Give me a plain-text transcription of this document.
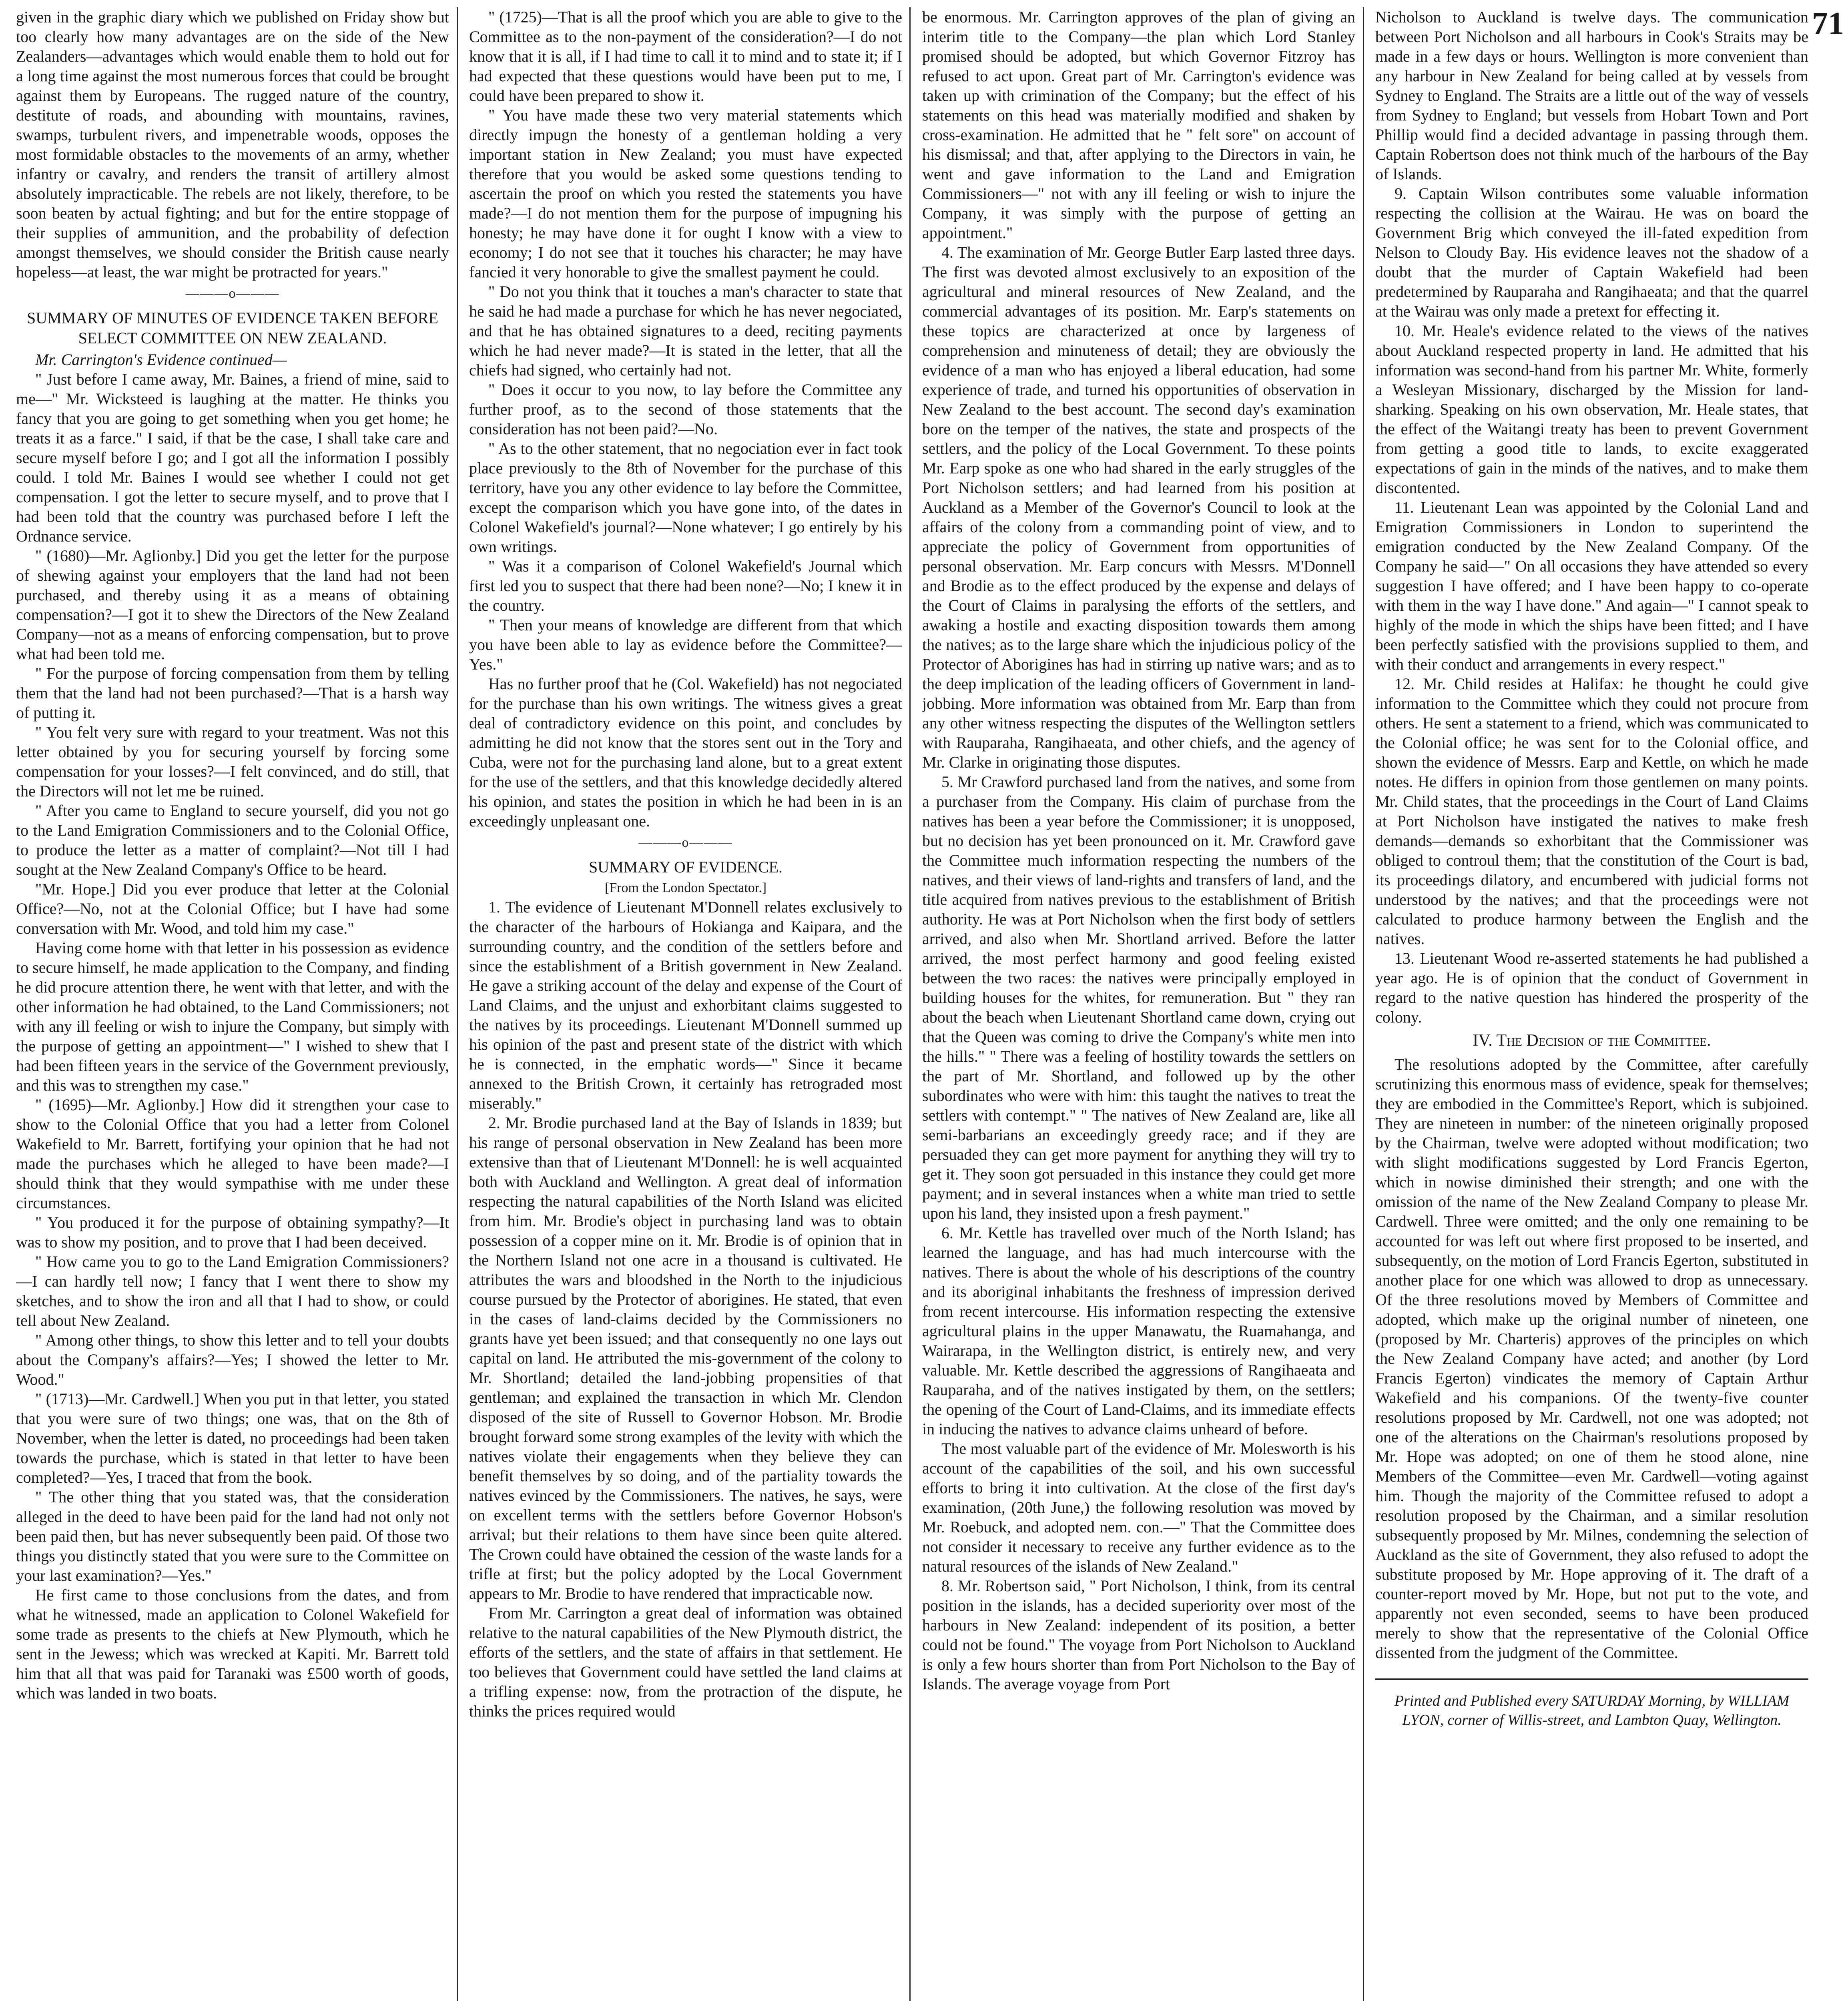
71

given in the graphic diary which we published on Friday show but too clearly how many advantages are on the side of the New Zealanders—advantages which would enable them to hold out for a long time against the most numerous forces that could be brought against them by Europeans. The rugged nature of the country, destitute of roads, and abounding with mountains, ravines, swamps, turbulent rivers, and impenetrable woods, opposes the most formidable obstacles to the movements of an army, whether infantry or cavalry, and renders the transit of artillery almost absolutely impracticable. The rebels are not likely, therefore, to be soon beaten by actual fighting; and but for the entire stoppage of their supplies of ammunition, and the probability of defection amongst themselves, we should consider the British cause nearly hopeless—at least, the war might be protracted for years."

———o———
SUMMARY OF MINUTES OF EVIDENCE TAKEN BEFORE SELECT COMMITTEE ON NEW ZEALAND.

Mr. Carrington's Evidence continued—

" Just before I came away, Mr. Baines, a friend of mine, said to me—" Mr. Wicksteed is laughing at the matter. He thinks you fancy that you are going to get something when you get home; he treats it as a farce." I said, if that be the case, I shall take care and secure myself before I go; and I got all the information I possibly could. I told Mr. Baines I would see whether I could not get compensation. I got the letter to secure myself, and to prove that I had been told that the country was purchased before I left the Ordnance service.

" (1680)—Mr. Aglionby.] Did you get the letter for the purpose of shewing against your employers that the land had not been purchased, and thereby using it as a means of obtaining compensation?—I got it to shew the Directors of the New Zealand Company—not as a means of enforcing compensation, but to prove what had been told me.

" For the purpose of forcing compensation from them by telling them that the land had not been purchased?—That is a harsh way of putting it.

" You felt very sure with regard to your treatment. Was not this letter obtained by you for securing yourself by forcing some compensation for your losses?—I felt convinced, and do still, that the Directors will not let me be ruined.

" After you came to England to secure yourself, did you not go to the Land Emigration Commissioners and to the Colonial Office, to produce the letter as a matter of complaint?—Not till I had sought at the New Zealand Company's Office to be heard.

"Mr. Hope.] Did you ever produce that letter at the Colonial Office?—No, not at the Colonial Office; but I have had some conversation with Mr. Wood, and told him my case."

Having come home with that letter in his possession as evidence to secure himself, he made application to the Company, and finding he did procure attention there, he went with that letter, and with the other information he had obtained, to the Land Commissioners; not with any ill feeling or wish to injure the Company, but simply with the purpose of getting an appointment—" I wished to shew that I had been fifteen years in the service of the Government previously, and this was to strengthen my case."

" (1695)—Mr. Aglionby.] How did it strengthen your case to show to the Colonial Office that you had a letter from Colonel Wakefield to Mr. Barrett, fortifying your opinion that he had not made the purchases which he alleged to have been made?—I should think that they would sympathise with me under these circumstances.

" You produced it for the purpose of obtaining sympathy?—It was to show my position, and to prove that I had been deceived.

" How came you to go to the Land Emigration Commissioners?—I can hardly tell now; I fancy that I went there to show my sketches, and to show the iron and all that I had to show, or could tell about New Zealand.

" Among other things, to show this letter and to tell your doubts about the Company's affairs?—Yes; I showed the letter to Mr. Wood."

" (1713)—Mr. Cardwell.] When you put in that letter, you stated that you were sure of two things; one was, that on the 8th of November, when the letter is dated, no proceedings had been taken towards the purchase, which is stated in that letter to have been completed?—Yes, I traced that from the book.

" The other thing that you stated was, that the consideration alleged in the deed to have been paid for the land had not only not been paid then, but has never subsequently been paid. Of those two things you distinctly stated that you were sure to the Committee on your last examination?—Yes."

He first came to those conclusions from the dates, and from what he witnessed, made an application to Colonel Wakefield for some trade as presents to the chiefs at New Plymouth, which he sent in the Jewess; which was wrecked at Kapiti. Mr. Barrett told him that all that was paid for Taranaki was £500 worth of goods, which was landed in two boats.

" (1725)—That is all the proof which you are able to give to the Committee as to the non-payment of the consideration?—I do not know that it is all, if I had time to call it to mind and to state it; if I had expected that these questions would have been put to me, I could have been prepared to show it.

" You have made these two very material statements which directly impugn the honesty of a gentleman holding a very important station in New Zealand; you must have expected therefore that you would be asked some questions tending to ascertain the proof on which you rested the statements you have made?—I do not mention them for the purpose of impugning his honesty; he may have done it for ought I know with a view to economy; I do not see that it touches his character; he may have fancied it very honorable to give the smallest payment he could.

" Do not you think that it touches a man's character to state that he said he had made a purchase for which he has never negociated, and that he has obtained signatures to a deed, reciting payments which he had never made?—It is stated in the letter, that all the chiefs had signed, who certainly had not.

" Does it occur to you now, to lay before the Committee any further proof, as to the second of those statements that the consideration has not been paid?—No.

" As to the other statement, that no negociation ever in fact took place previously to the 8th of November for the purchase of this territory, have you any other evidence to lay before the Committee, except the comparison which you have gone into, of the dates in Colonel Wakefield's journal?—None whatever; I go entirely by his own writings.

" Was it a comparison of Colonel Wakefield's Journal which first led you to suspect that there had been none?—No; I knew it in the country.

" Then your means of knowledge are different from that which you have been able to lay as evidence before the Committee?—Yes."

Has no further proof that he (Col. Wakefield) has not negociated for the purchase than his own writings. The witness gives a great deal of contradictory evidence on this point, and concludes by admitting he did not know that the stores sent out in the Tory and Cuba, were not for the purchasing land alone, but to a great extent for the use of the settlers, and that this knowledge decidedly altered his opinion, and states the position in which he had been in is an exceedingly unpleasant one.

———o———
SUMMARY OF EVIDENCE.
[From the London Spectator.]

1. The evidence of Lieutenant M'Donnell relates exclusively to the character of the harbours of Hokianga and Kaipara, and the surrounding country, and the condition of the settlers before and since the establishment of a British government in New Zealand. He gave a striking account of the delay and expense of the Court of Land Claims, and the unjust and exhorbitant claims suggested to the natives by its proceedings. Lieutenant M'Donnell summed up his opinion of the past and present state of the district with which he is connected, in the emphatic words—" Since it became annexed to the British Crown, it certainly has retrograded most miserably."

2. Mr. Brodie purchased land at the Bay of Islands in 1839; but his range of personal observation in New Zealand has been more extensive than that of Lieutenant M'Donnell: he is well acquainted both with Auckland and Wellington. A great deal of information respecting the natural capabilities of the North Island was elicited from him. Mr. Brodie's object in purchasing land was to obtain possession of a copper mine on it. Mr. Brodie is of opinion that in the Northern Island not one acre in a thousand is cultivated. He attributes the wars and bloodshed in the North to the injudicious course pursued by the Protector of aborigines. He stated, that even in the cases of land-claims decided by the Commissioners no grants have yet been issued; and that consequently no one lays out capital on land. He attributed the mis-government of the colony to Mr. Shortland; detailed the land-jobbing propensities of that gentleman; and explained the transaction in which Mr. Clendon disposed of the site of Russell to Governor Hobson. Mr. Brodie brought forward some strong examples of the levity with which the natives violate their engagements when they believe they can benefit themselves by so doing, and of the partiality towards the natives evinced by the Commissioners. The natives, he says, were on excellent terms with the settlers before Governor Hobson's arrival; but their relations to them have since been quite altered. The Crown could have obtained the cession of the waste lands for a trifle at first; but the policy adopted by the Local Government appears to Mr. Brodie to have rendered that impracticable now.

From Mr. Carrington a great deal of information was obtained relative to the natural capabilities of the New Plymouth district, the efforts of the settlers, and the state of affairs in that settlement. He too believes that Government could have settled the land claims at a trifling expense: now, from the protraction of the dispute, he thinks the prices required would

be enormous. Mr. Carrington approves of the plan of giving an interim title to the Company—the plan which Lord Stanley promised should be adopted, but which Governor Fitzroy has refused to act upon. Great part of Mr. Carrington's evidence was taken up with crimination of the Company; but the effect of his statements on this head was materially modified and shaken by cross-examination. He admitted that he " felt sore" on account of his dismissal; and that, after applying to the Directors in vain, he went and gave information to the Land and Emigration Commissioners—" not with any ill feeling or wish to injure the Company, it was simply with the purpose of getting an appointment."

4. The examination of Mr. George Butler Earp lasted three days. The first was devoted almost exclusively to an exposition of the agricultural and mineral resources of New Zealand, and the commercial advantages of its position. Mr. Earp's statements on these topics are characterized at once by largeness of comprehension and minuteness of detail; they are obviously the evidence of a man who has enjoyed a liberal education, had some experience of trade, and turned his opportunities of observation in New Zealand to the best account. The second day's examination bore on the temper of the natives, the state and prospects of the settlers, and the policy of the Local Government. To these points Mr. Earp spoke as one who had shared in the early struggles of the Port Nicholson settlers; and had learned from his position at Auckland as a Member of the Governor's Council to look at the affairs of the colony from a commanding point of view, and to appreciate the policy of Government from opportunities of personal observation. Mr. Earp concurs with Messrs. M'Donnell and Brodie as to the effect produced by the expense and delays of the Court of Claims in paralysing the efforts of the settlers, and awaking a hostile and exacting disposition towards them among the natives; as to the large share which the injudicious policy of the Protector of Aborigines has had in stirring up native wars; and as to the deep implication of the leading officers of Government in land-jobbing. More information was obtained from Mr. Earp than from any other witness respecting the disputes of the Wellington settlers with Rauparaha, Rangihaeata, and other chiefs, and the agency of Mr. Clarke in originating those disputes.

5. Mr Crawford purchased land from the natives, and some from a purchaser from the Company. His claim of purchase from the natives has been a year before the Commissioner; it is unopposed, but no decision has yet been pronounced on it. Mr. Crawford gave the Committee much information respecting the numbers of the natives, and their views of land-rights and transfers of land, and the title acquired from natives previous to the establishment of British authority. He was at Port Nicholson when the first body of settlers arrived, and also when Mr. Shortland arrived. Before the latter arrived, the most perfect harmony and good feeling existed between the two races: the natives were principally employed in building houses for the whites, for remuneration. But " they ran about the beach when Lieutenant Shortland came down, crying out that the Queen was coming to drive the Company's white men into the hills." " There was a feeling of hostility towards the settlers on the part of Mr. Shortland, and followed up by the other subordinates who were with him: this taught the natives to treat the settlers with contempt." " The natives of New Zealand are, like all semi-barbarians an exceedingly greedy race; and if they are persuaded they can get more payment for anything they will try to get it. They soon got persuaded in this instance they could get more payment; and in several instances when a white man tried to settle upon his land, they insisted upon a fresh payment."

6. Mr. Kettle has travelled over much of the North Island; has learned the language, and has had much intercourse with the natives. There is about the whole of his descriptions of the country and its aboriginal inhabitants the freshness of impression derived from recent intercourse. His information respecting the extensive agricultural plains in the upper Manawatu, the Ruamahanga, and Wairarapa, in the Wellington district, is entirely new, and very valuable. Mr. Kettle described the aggressions of Rangihaeata and Rauparaha, and of the natives instigated by them, on the settlers; the opening of the Court of Land-Claims, and its immediate effects in inducing the natives to advance claims unheard of before.

The most valuable part of the evidence of Mr. Molesworth is his account of the capabilities of the soil, and his own successful efforts to bring it into cultivation. At the close of the first day's examination, (20th June,) the following resolution was moved by Mr. Roebuck, and adopted nem. con.—" That the Committee does not consider it necessary to receive any further evidence as to the natural resources of the islands of New Zealand."

8. Mr. Robertson said, " Port Nicholson, I think, from its central position in the islands, has a decided superiority over most of the harbours in New Zealand: independent of its position, a better could not be found." The voyage from Port Nicholson to Auckland is only a few hours shorter than from Port Nicholson to the Bay of Islands. The average voyage from Port

Nicholson to Auckland is twelve days. The communication between Port Nicholson and all harbours in Cook's Straits may be made in a few days or hours. Wellington is more convenient than any harbour in New Zealand for being called at by vessels from Sydney to England. The Straits are a little out of the way of vessels from Sydney to England; but vessels from Hobart Town and Port Phillip would find a decided advantage in passing through them. Captain Robertson does not think much of the harbours of the Bay of Islands.

9. Captain Wilson contributes some valuable information respecting the collision at the Wairau. He was on board the Government Brig which conveyed the ill-fated expedition from Nelson to Cloudy Bay. His evidence leaves not the shadow of a doubt that the murder of Captain Wakefield had been predetermined by Rauparaha and Rangihaeata; and that the quarrel at the Wairau was only made a pretext for effecting it.

10. Mr. Heale's evidence related to the views of the natives about Auckland respected property in land. He admitted that his information was second-hand from his partner Mr. White, formerly a Wesleyan Missionary, discharged by the Mission for land-sharking. Speaking on his own observation, Mr. Heale states, that the effect of the Waitangi treaty has been to prevent Government from getting a good title to lands, to excite exaggerated expectations of gain in the minds of the natives, and to make them discontented.

11. Lieutenant Lean was appointed by the Colonial Land and Emigration Commissioners in London to superintend the emigration conducted by the New Zealand Company. Of the Company he said—" On all occasions they have attended so every suggestion I have offered; and I have been happy to co-operate with them in the way I have done." And again—" I cannot speak to highly of the mode in which the ships have been fitted; and I have been perfectly satisfied with the provisions supplied to them, and with their conduct and arrangements in every respect."

12. Mr. Child resides at Halifax: he thought he could give information to the Committee which they could not procure from others. He sent a statement to a friend, which was communicated to the Colonial office; he was sent for to the Colonial office, and shown the evidence of Messrs. Earp and Kettle, on which he made notes. He differs in opinion from those gentlemen on many points. Mr. Child states, that the proceedings in the Court of Land Claims at Port Nicholson have instigated the natives to make fresh demands—demands so exhorbitant that the Commissioner was obliged to controul them; that the constitution of the Court is bad, its proceedings dilatory, and encumbered with judicial forms not understood by the natives; and that the proceedings were not calculated to produce harmony between the English and the natives.

13. Lieutenant Wood re-asserted statements he had published a year ago. He is of opinion that the conduct of Government in regard to the native question has hindered the prosperity of the colony.

IV. The Decision of the Committee.

The resolutions adopted by the Committee, after carefully scrutinizing this enormous mass of evidence, speak for themselves; they are embodied in the Committee's Report, which is subjoined. They are nineteen in number: of the nineteen originally proposed by the Chairman, twelve were adopted without modification; two with slight modifications suggested by Lord Francis Egerton, which in nowise diminished their strength; and one with the omission of the name of the New Zealand Company to please Mr. Cardwell. Three were omitted; and the only one remaining to be accounted for was left out where first proposed to be inserted, and subsequently, on the motion of Lord Francis Egerton, substituted in another place for one which was allowed to drop as unnecessary. Of the three resolutions moved by Members of Committee and adopted, which make up the original number of nineteen, one (proposed by Mr. Charteris) approves of the principles on which the New Zealand Company have acted; and another (by Lord Francis Egerton) vindicates the memory of Captain Arthur Wakefield and his companions. Of the twenty-five counter resolutions proposed by Mr. Cardwell, not one was adopted; not one of the alterations on the Chairman's resolutions proposed by Mr. Hope was adopted; on one of them he stood alone, nine Members of the Committee—even Mr. Cardwell—voting against him. Though the majority of the Committee refused to adopt a resolution proposed by the Chairman, and a similar resolution subsequently proposed by Mr. Milnes, condemning the selection of Auckland as the site of Government, they also refused to adopt the substitute proposed by Mr. Hope approving of it. The draft of a counter-report moved by Mr. Hope, but not put to the vote, and apparently not even seconded, seems to have been produced merely to show that the representative of the Colonial Office dissented from the judgment of the Committee.

Printed and Published every SATURDAY Morning, by WILLIAM LYON, corner of Willis-street, and Lambton Quay, Wellington.
